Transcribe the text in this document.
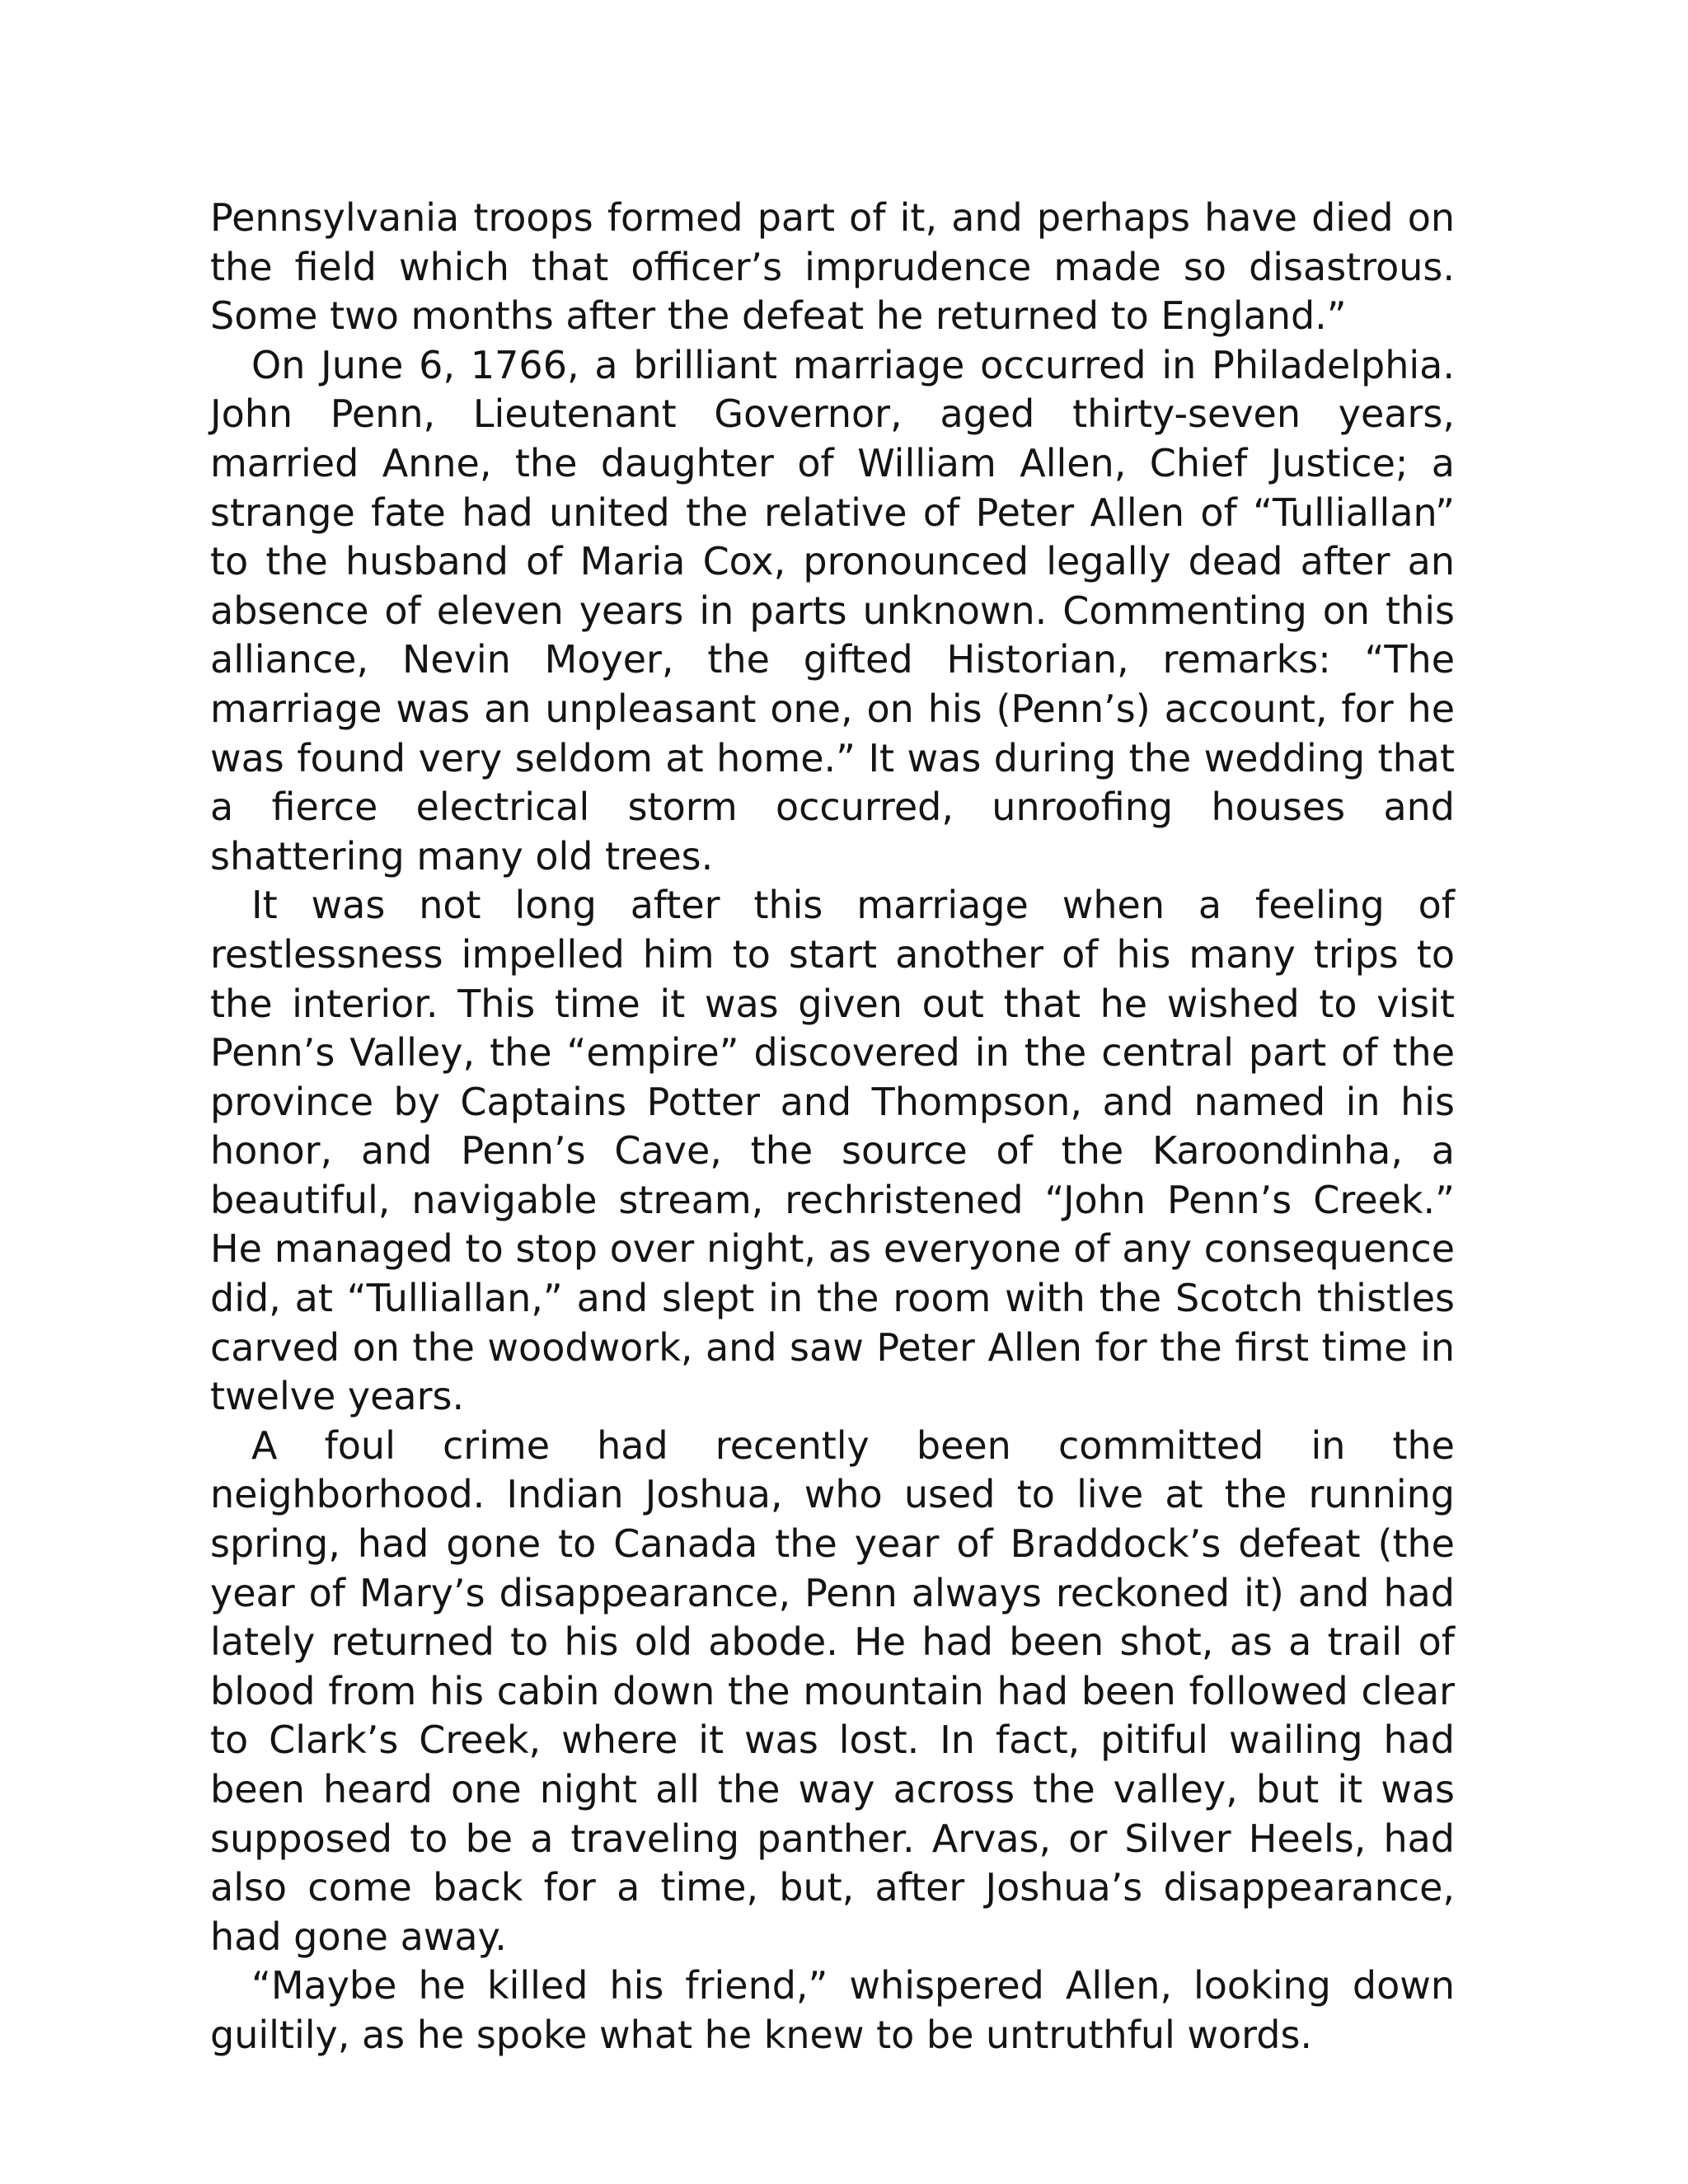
Pennsylvania troops formed part of it, and perhaps have died on the field which that officer’s imprudence made so disastrous. Some two months after the defeat he returned to England.”

On June 6, 1766, a brilliant marriage occurred in Philadelphia. John Penn, Lieutenant Governor, aged thirty-seven years, married Anne, the daughter of William Allen, Chief Justice; a strange fate had united the relative of Peter Allen of “Tulliallan” to the husband of Maria Cox, pronounced legally dead after an absence of eleven years in parts unknown. Commenting on this alliance, Nevin Moyer, the gifted Historian, remarks: “The marriage was an unpleasant one, on his (Penn’s) account, for he was found very seldom at home.” It was during the wedding that a fierce electrical storm occurred, unroofing houses and shattering many old trees.

It was not long after this marriage when a feeling of restlessness impelled him to start another of his many trips to the interior. This time it was given out that he wished to visit Penn’s Valley, the “empire” discovered in the central part of the province by Captains Potter and Thompson, and named in his honor, and Penn’s Cave, the source of the Karoondinha, a beautiful, navigable stream, rechristened “John Penn’s Creek.” He managed to stop over night, as everyone of any consequence did, at “Tulliallan,” and slept in the room with the Scotch thistles carved on the woodwork, and saw Peter Allen for the first time in twelve years.

A foul crime had recently been committed in the neighborhood. Indian Joshua, who used to live at the running spring, had gone to Canada the year of Braddock’s defeat (the year of Mary’s disappearance, Penn always reckoned it) and had lately returned to his old abode. He had been shot, as a trail of blood from his cabin down the mountain had been followed clear to Clark’s Creek, where it was lost. In fact, pitiful wailing had been heard one night all the way across the valley, but it was supposed to be a traveling panther. Arvas, or Silver Heels, had also come back for a time, but, after Joshua’s disappearance, had gone away.

“Maybe he killed his friend,” whispered Allen, looking down guiltily, as he spoke what he knew to be untruthful words.
